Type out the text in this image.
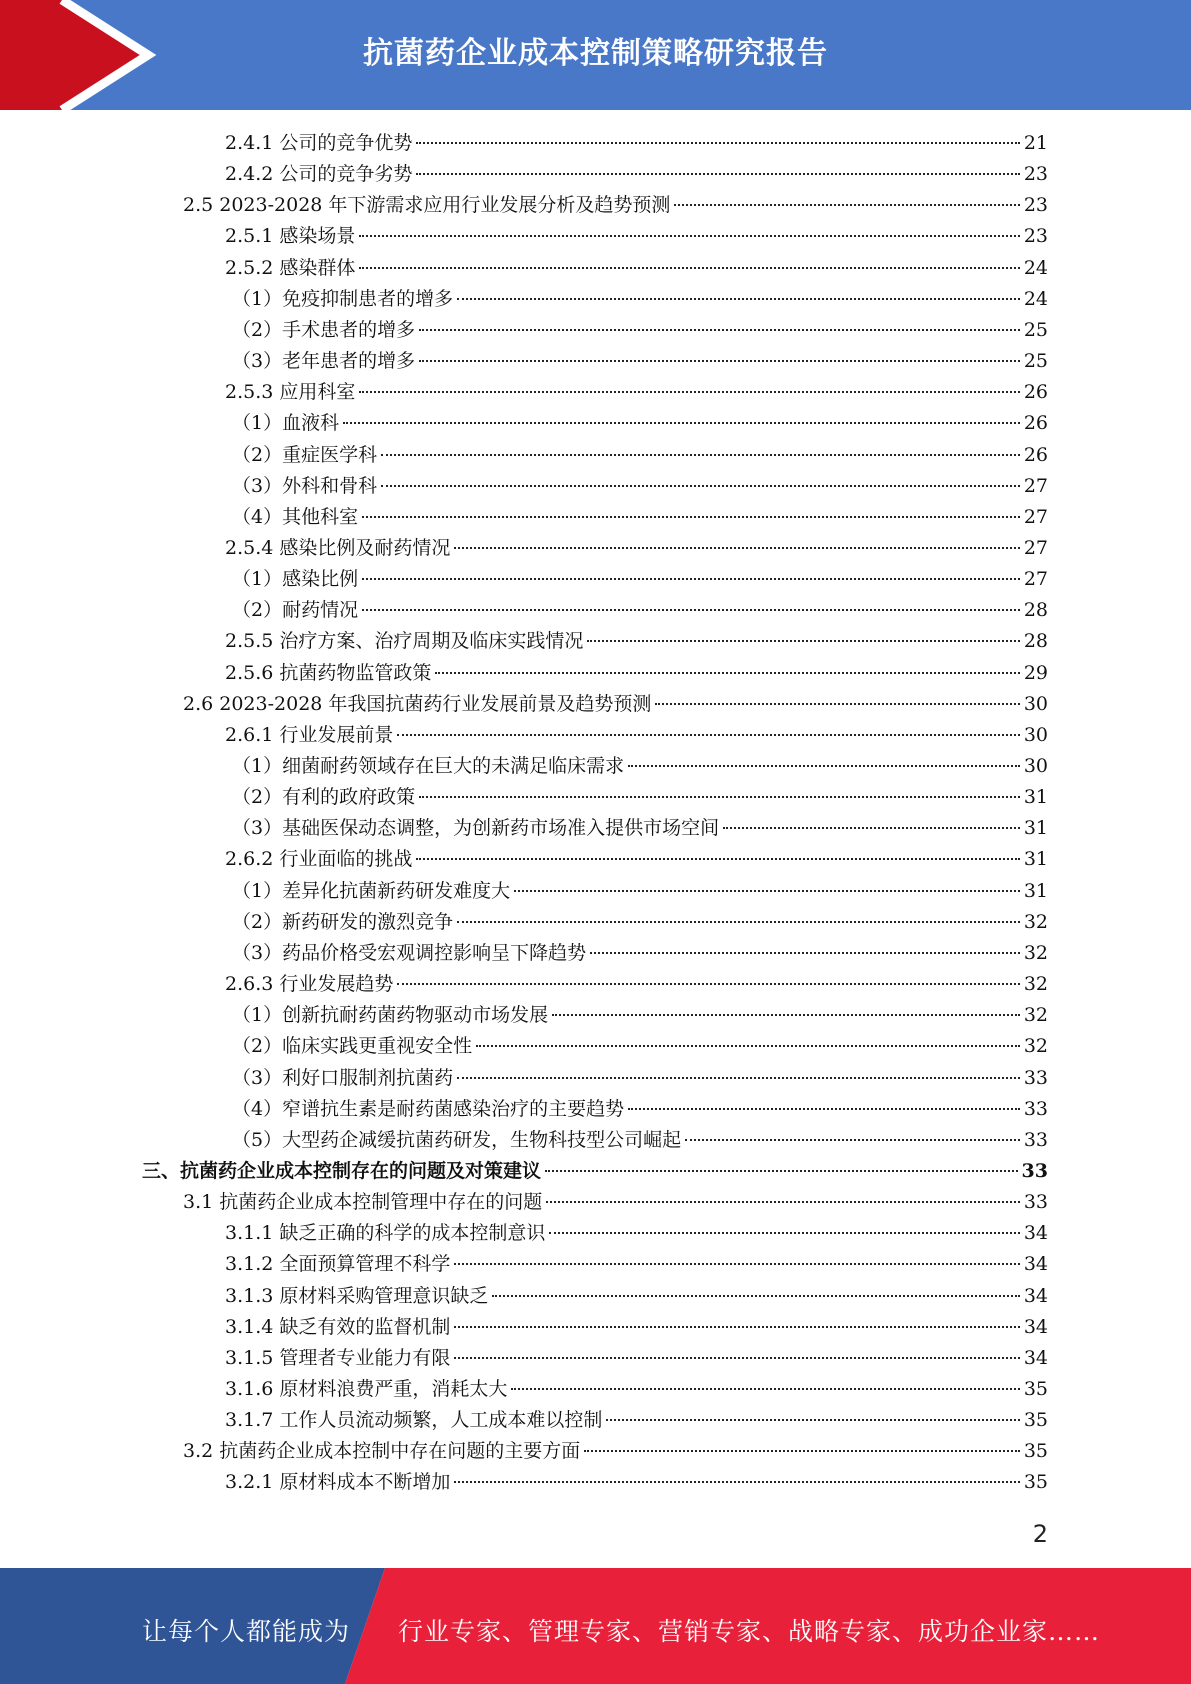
抗菌药企业成本控制策略研究报告
2.4.1 公司的竞争优势	21
2.4.2 公司的竞争劣势	23
2.5 2023-2028 年下游需求应用行业发展分析及趋势预测	23
2.5.1 感染场景	23
2.5.2 感染群体	24
（1）免疫抑制患者的增多	24
（2）手术患者的增多	25
（3）老年患者的增多	25
2.5.3 应用科室	26
（1）血液科	26
（2）重症医学科	26
（3）外科和骨科	27
（4）其他科室	27
2.5.4 感染比例及耐药情况	27
（1）感染比例	27
（2）耐药情况	28
2.5.5 治疗方案、治疗周期及临床实践情况	28
2.5.6 抗菌药物监管政策	29
2.6 2023-2028 年我国抗菌药行业发展前景及趋势预测	30
2.6.1 行业发展前景	30
（1）细菌耐药领域存在巨大的未满足临床需求	30
（2）有利的政府政策	31
（3）基础医保动态调整，为创新药市场准入提供市场空间	31
2.6.2 行业面临的挑战	31
（1）差异化抗菌新药研发难度大	31
（2）新药研发的激烈竞争	32
（3）药品价格受宏观调控影响呈下降趋势	32
2.6.3 行业发展趋势	32
（1）创新抗耐药菌药物驱动市场发展	32
（2）临床实践更重视安全性	32
（3）利好口服制剂抗菌药	33
（4）窄谱抗生素是耐药菌感染治疗的主要趋势	33
（5）大型药企减缓抗菌药研发，生物科技型公司崛起	33
三、抗菌药企业成本控制存在的问题及对策建议	33
3.1 抗菌药企业成本控制管理中存在的问题	33
3.1.1 缺乏正确的科学的成本控制意识	34
3.1.2 全面预算管理不科学	34
3.1.3 原材料采购管理意识缺乏	34
3.1.4 缺乏有效的监督机制	34
3.1.5 管理者专业能力有限	34
3.1.6 原材料浪费严重，消耗太大	35
3.1.7 工作人员流动频繁，人工成本难以控制	35
3.2 抗菌药企业成本控制中存在问题的主要方面	35
3.2.1 原材料成本不断增加	35
2
让每个人都能成为 行业专家、管理专家、营销专家、战略专家、成功企业家……
